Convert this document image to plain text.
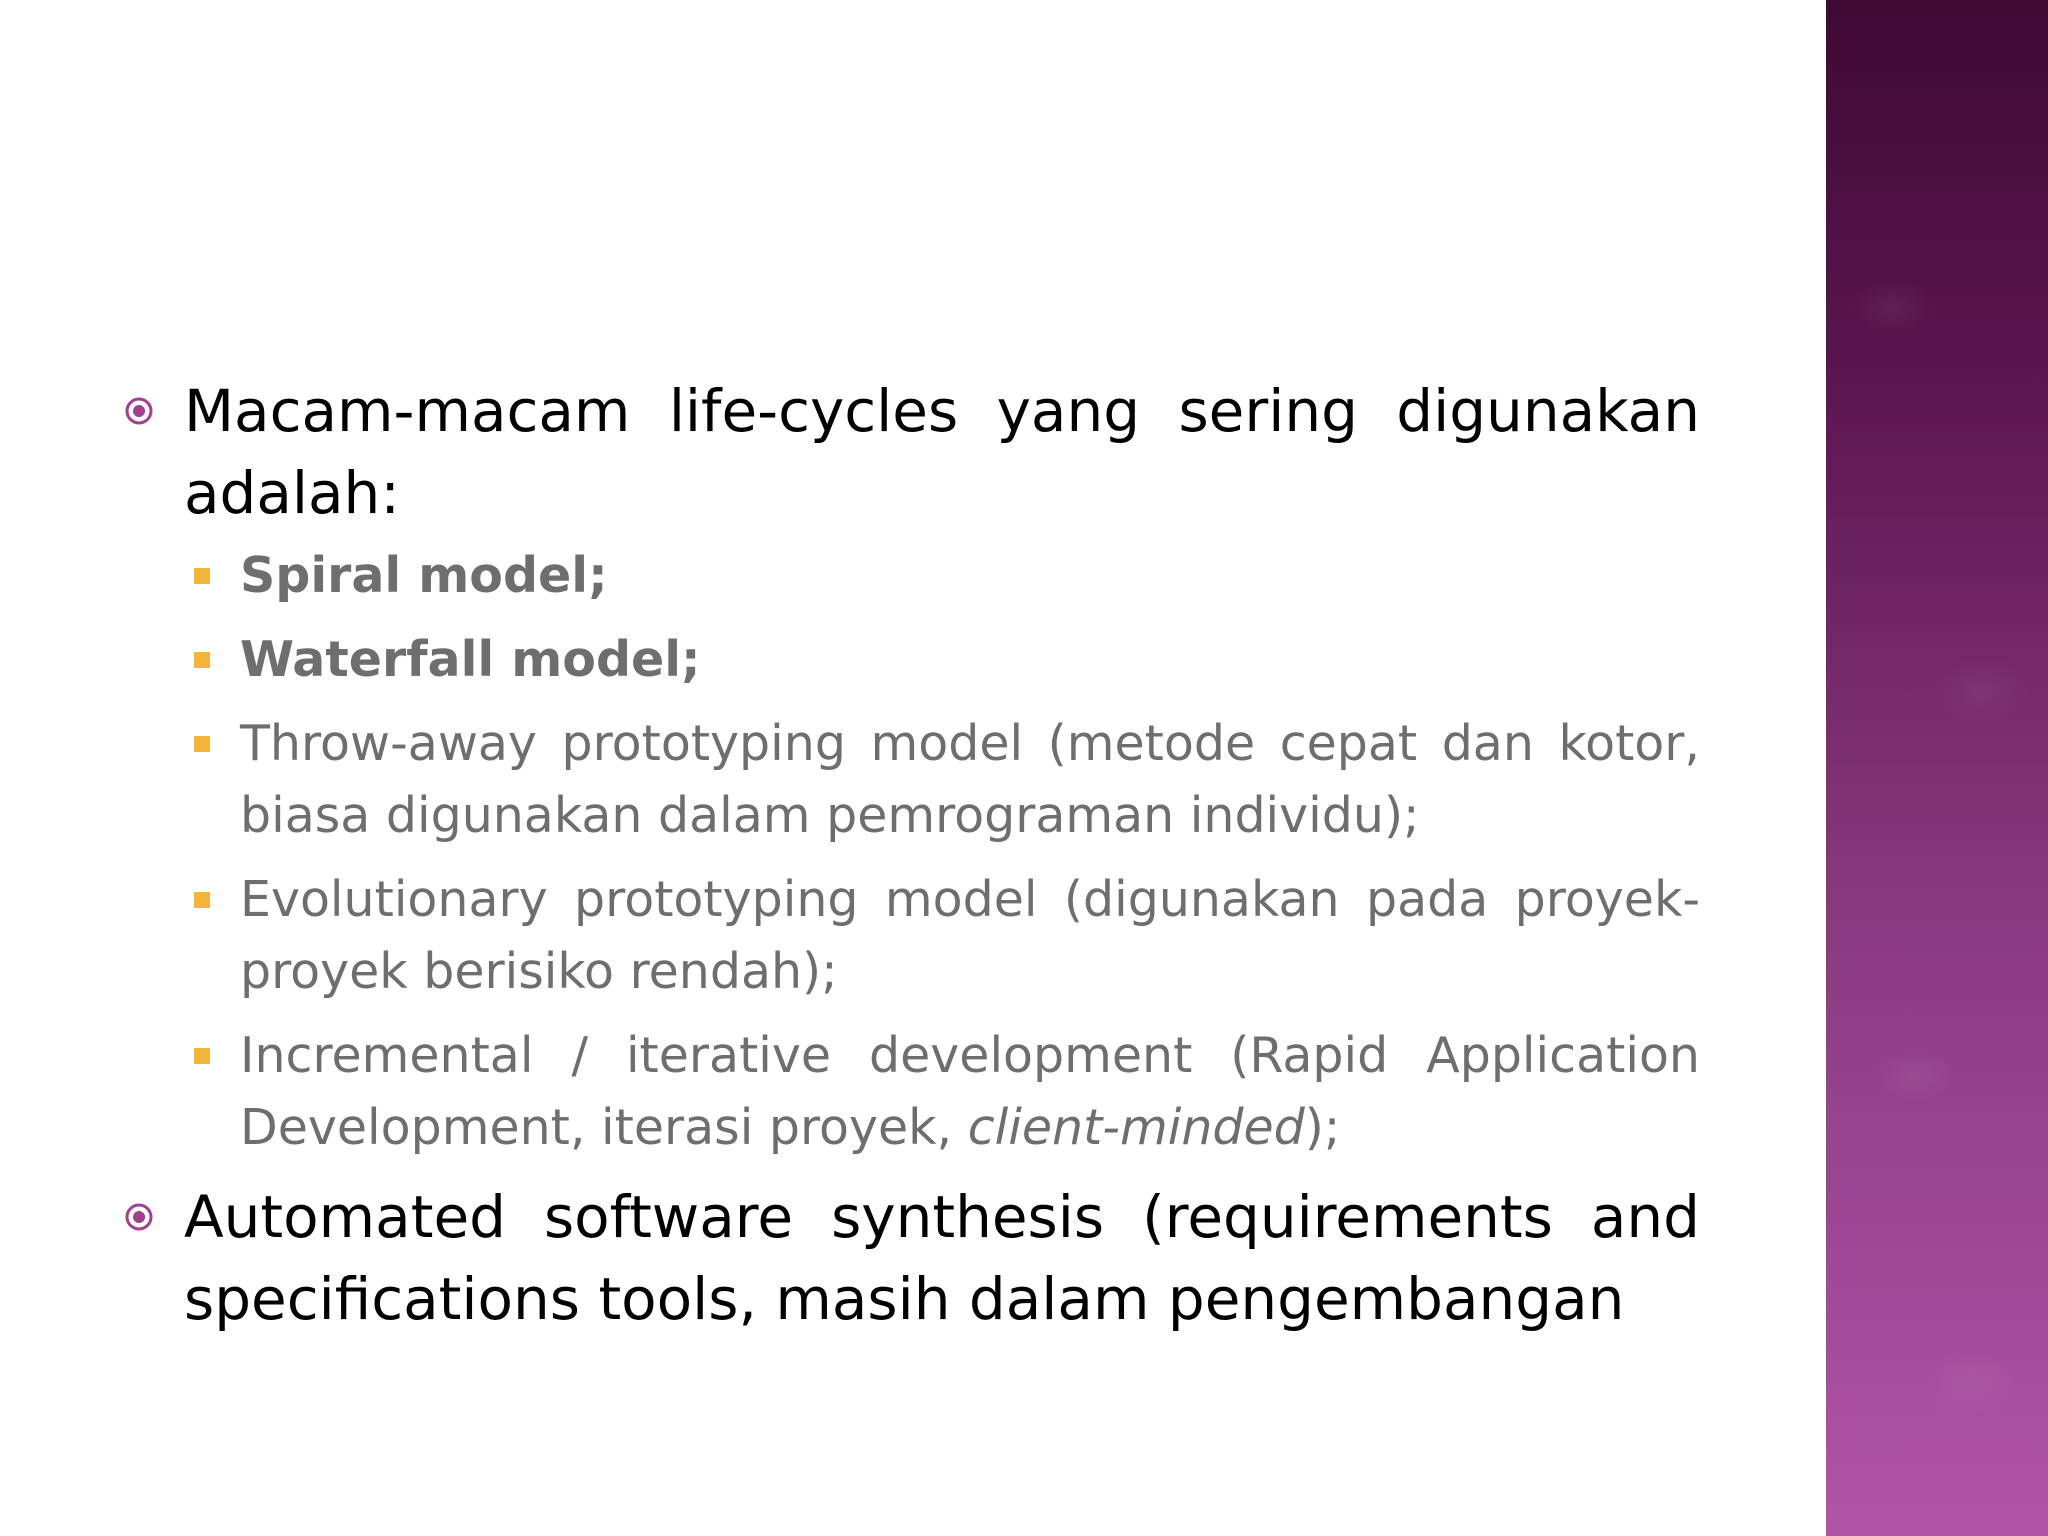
Macam-macam life-cycles yang sering digunakan adalah:

Spiral model;

Waterfall model;

Throw-away prototyping model (metode cepat dan kotor, biasa digunakan dalam pemrograman individu);

Evolutionary prototyping model (digunakan pada proyek-proyek berisiko rendah);

Incremental / iterative development (Rapid Application Development, iterasi proyek, client-minded);

Automated software synthesis (requirements and specifications tools, masih dalam pengembangan
